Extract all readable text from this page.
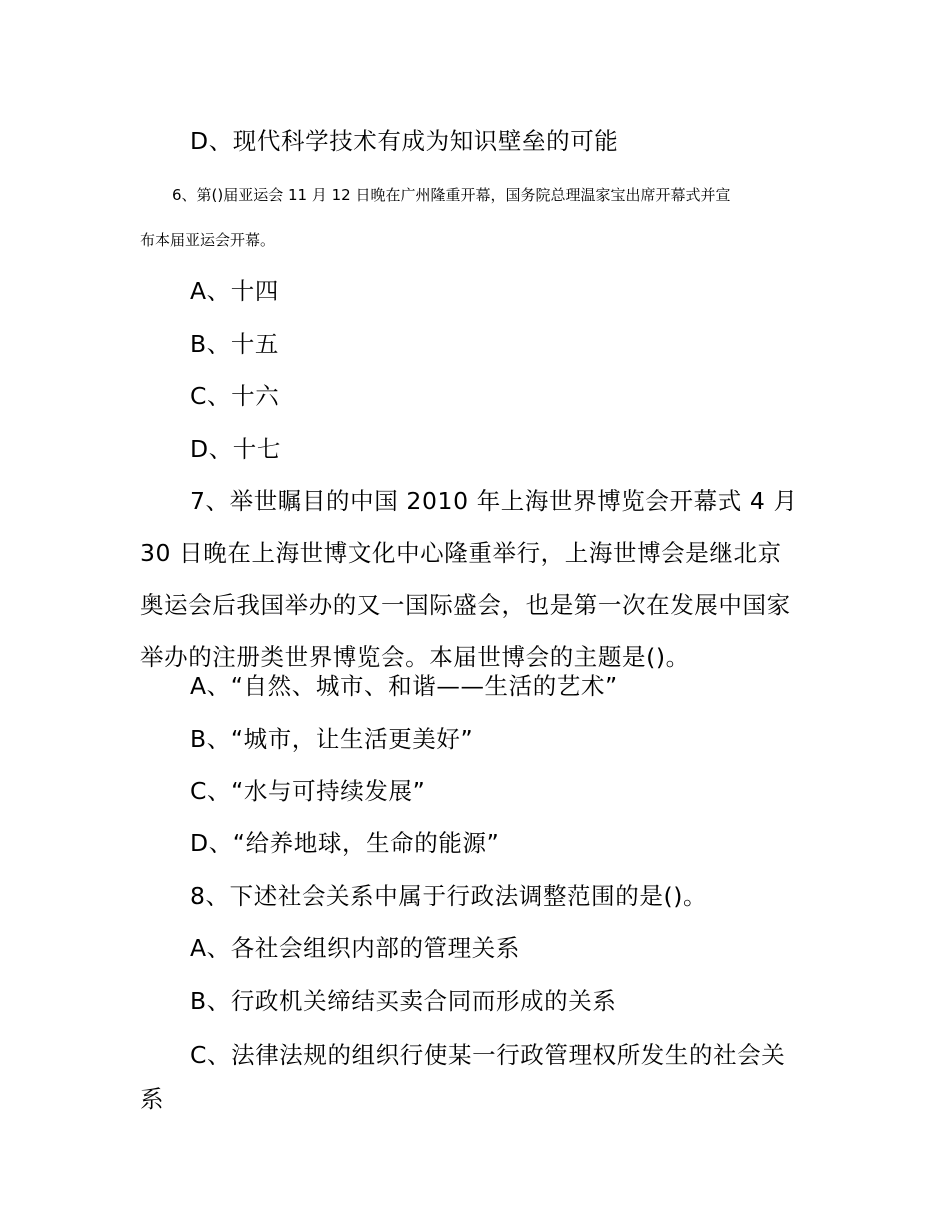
D、现代科学技术有成为知识壁垒的可能

6、第()届亚运会 11 月 12 日晚在广州隆重开幕，国务院总理温家宝出席开幕式并宣

布本届亚运会开幕。

A、十四

B、十五

C、十六

D、十七

7、举世瞩目的中国 2010 年上海世界博览会开幕式 4 月

30 日晚在上海世博文化中心隆重举行，上海世博会是继北京

奥运会后我国举办的又一国际盛会，也是第一次在发展中国家

举办的注册类世界博览会。本届世博会的主题是()。

A、“自然、城市、和谐——生活的艺术”

B、“城市，让生活更美好”

C、“水与可持续发展”

D、“给养地球，生命的能源”

8、下述社会关系中属于行政法调整范围的是()。

A、各社会组织内部的管理关系

B、行政机关缔结买卖合同而形成的关系

C、法律法规的组织行使某一行政管理权所发生的社会关

系
